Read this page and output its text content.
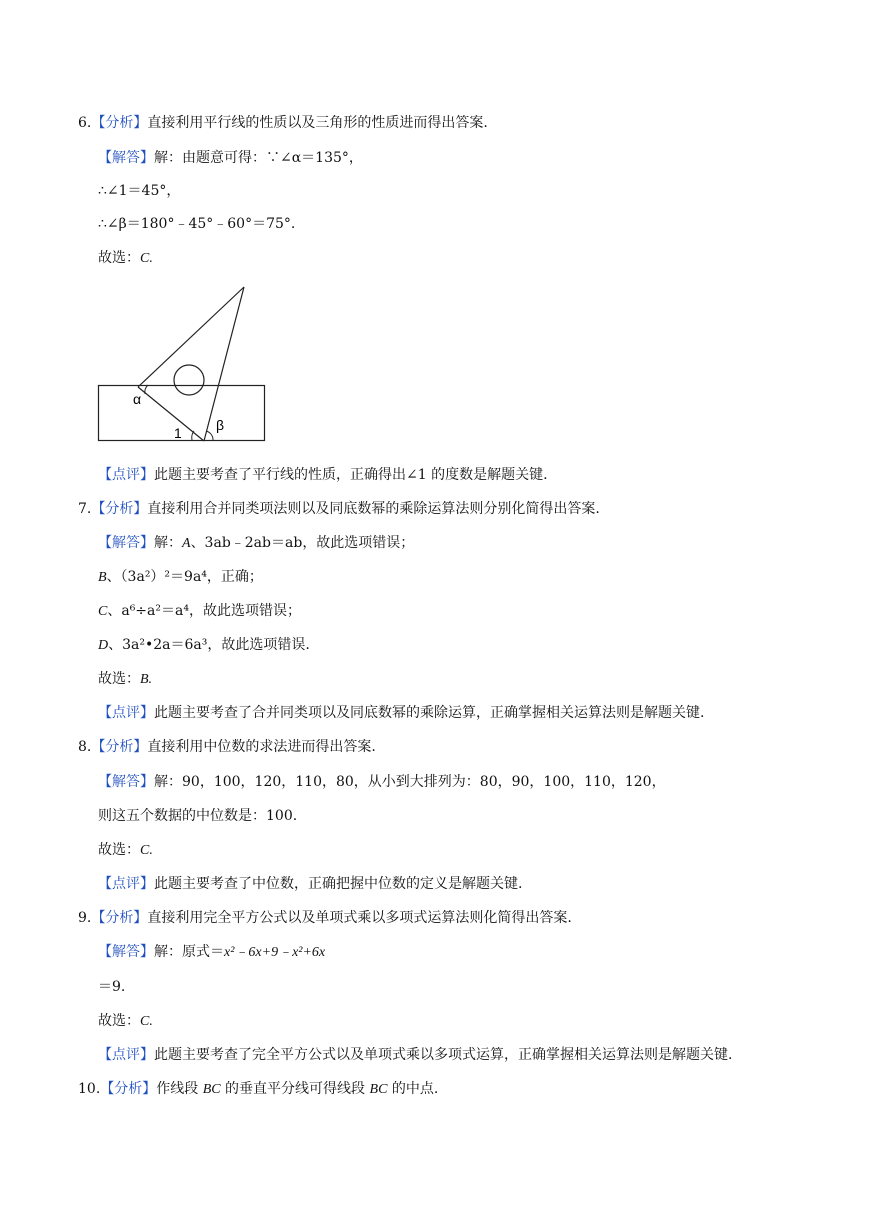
6.【分析】直接利用平行线的性质以及三角形的性质进而得出答案.
【解答】解：由题意可得：∵∠α＝135°，
∴∠1＝45°，
∴∠β＝180°﹣45°﹣60°＝75°.
故选：C.
α
1 β
【点评】此题主要考查了平行线的性质，正确得出∠1 的度数是解题关键.
7.【分析】直接利用合并同类项法则以及同底数幂的乘除运算法则分别化简得出答案.
【解答】解：A、3ab﹣2ab＝ab，故此选项错误；
B、（3a²）²＝9a⁴，正确；
C、a⁶÷a²＝a⁴，故此选项错误；
D、3a²•2a＝6a³，故此选项错误.
故选：B.
【点评】此题主要考查了合并同类项以及同底数幂的乘除运算，正确掌握相关运算法则是解题关键.
8.【分析】直接利用中位数的求法进而得出答案.
【解答】解：90，100，120，110，80，从小到大排列为：80，90，100，110，120，
则这五个数据的中位数是：100.
故选：C.
【点评】此题主要考查了中位数，正确把握中位数的定义是解题关键.
9.【分析】直接利用完全平方公式以及单项式乘以多项式运算法则化简得出答案.
【解答】解：原式＝x²﹣6x+9﹣x²+6x
＝9.
故选：C.
【点评】此题主要考查了完全平方公式以及单项式乘以多项式运算，正确掌握相关运算法则是解题关键.
10.【分析】作线段 BC 的垂直平分线可得线段 BC 的中点.
